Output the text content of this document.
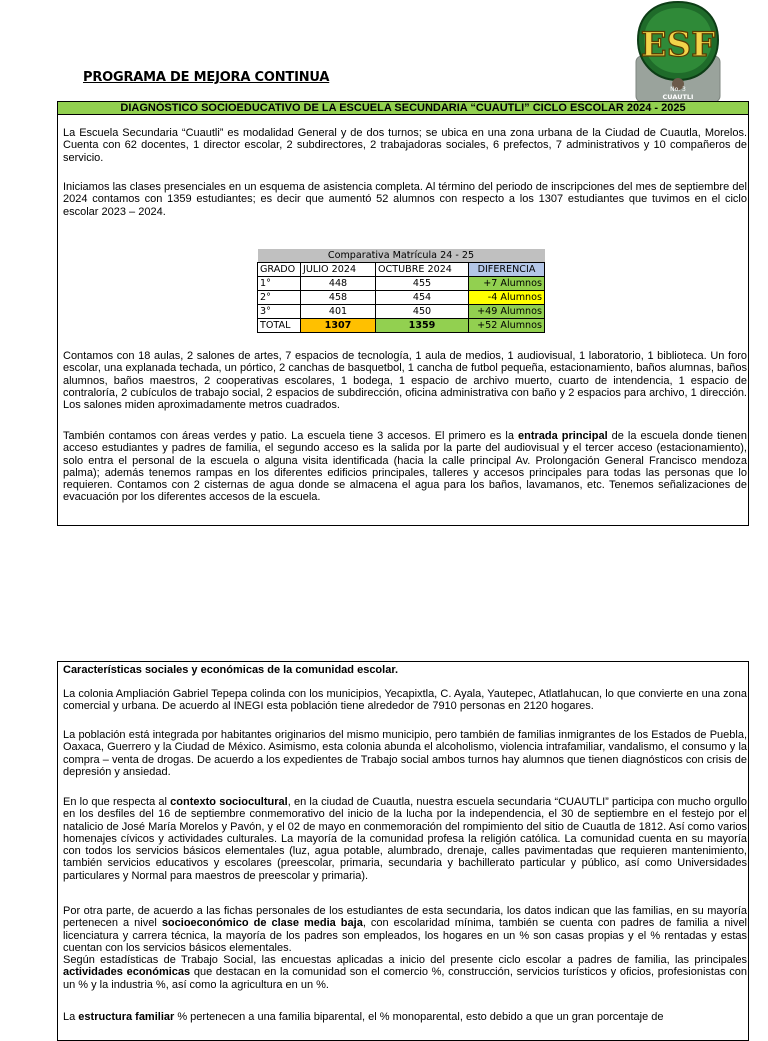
ESF
No. 3
CUAUTLI
PROGRAMA DE MEJORA CONTINUA
DIAGNÓSTICO SOCIOEDUCATIVO DE LA ESCUELA SECUNDARIA “CUAUTLI” CICLO ESCOLAR 2024 - 2025

La Escuela Secundaria “Cuautli” es modalidad General y de dos turnos; se ubica en una zona urbana de la Ciudad de Cuautla, Morelos. Cuenta con 62 docentes, 1 director escolar, 2 subdirectores, 2 trabajadoras sociales, 6 prefectos, 7 administrativos y 10 compañeros de servicio.

Iniciamos las clases presenciales en un esquema de asistencia completa. Al término del periodo de inscripciones del mes de septiembre del 2024 contamos con 1359 estudiantes; es decir que aumentó 52 alumnos con respecto a los 1307 estudiantes que tuvimos en el ciclo escolar 2023 – 2024.

Comparativa Matrícula 24 - 25			
GRADO	JULIO 2024	OCTUBRE 2024	DIFERENCIA
1°	448	455	+7 Alumnos
2°	458	454	-4 Alumnos
3°	401	450	+49 Alumnos
TOTAL	1307	1359	+52 Alumnos

Contamos con 18 aulas, 2 salones de artes, 7 espacios de tecnología, 1 aula de medios, 1 audiovisual, 1 laboratorio, 1 biblioteca. Un foro escolar, una explanada techada, un pórtico, 2 canchas de basquetbol, 1 cancha de futbol pequeña, estacionamiento, baños alumnas, baños alumnos, baños maestros, 2 cooperativas escolares, 1 bodega, 1 espacio de archivo muerto, cuarto de intendencia, 1 espacio de contraloría, 2 cubículos de trabajo social, 2 espacios de subdirección, oficina administrativa con baño y 2 espacios para archivo, 1 dirección. Los salones miden aproximadamente metros cuadrados.

También contamos con áreas verdes y patio. La escuela tiene 3 accesos. El primero es la entrada principal de la escuela donde tienen acceso estudiantes y padres de familia, el segundo acceso es la salida por la parte del audiovisual y el tercer acceso (estacionamiento), solo entra el personal de la escuela o alguna visita identificada (hacia la calle principal Av. Prolongación General Francisco mendoza palma); además tenemos rampas en los diferentes edificios principales, talleres y accesos principales para todas las personas que lo requieren. Contamos con 2 cisternas de agua donde se almacena el agua para los baños, lavamanos, etc. Tenemos señalizaciones de evacuación por los diferentes accesos de la escuela.

Características sociales y económicas de la comunidad escolar.

La colonia Ampliación Gabriel Tepepa colinda con los municipios, Yecapixtla, C. Ayala, Yautepec, Atlatlahucan, lo que convierte en una zona comercial y urbana. De acuerdo al INEGI esta población tiene alrededor de 7910 personas en 2120 hogares.

La población está integrada por habitantes originarios del mismo municipio, pero también de familias inmigrantes de los Estados de Puebla, Oaxaca, Guerrero y la Ciudad de México. Asimismo, esta colonia abunda el alcoholismo, violencia intrafamiliar, vandalismo, el consumo y la compra – venta de drogas. De acuerdo a los expedientes de Trabajo social ambos turnos hay alumnos que tienen diagnósticos con crisis de depresión y ansiedad.

En lo que respecta al contexto sociocultural, en la ciudad de Cuautla, nuestra escuela secundaria “CUAUTLI” participa con mucho orgullo en los desfiles del 16 de septiembre conmemorativo del inicio de la lucha por la independencia, el 30 de septiembre en el festejo por el natalicio de José María Morelos y Pavón, y el 02 de mayo en conmemoración del rompimiento del sitio de Cuautla de 1812. Así como varios homenajes cívicos y actividades culturales. La mayoría de la comunidad profesa la religión católica. La comunidad cuenta en su mayoría con todos los servicios básicos elementales (luz, agua potable, alumbrado, drenaje, calles pavimentadas que requieren mantenimiento, también servicios educativos y escolares (preescolar, primaria, secundaria y bachillerato particular y público, así como Universidades particulares y Normal para maestros de preescolar y primaria).

Por otra parte, de acuerdo a las fichas personales de los estudiantes de esta secundaria, los datos indican que las familias, en su mayoría pertenecen a nivel socioeconómico de clase media baja, con escolaridad mínima, también se cuenta con padres de familia a nivel licenciatura y carrera técnica, la mayoría de los padres son empleados, los hogares en un % son casas propias y el % rentadas y estas cuentan con los servicios básicos elementales.

Según estadísticas de Trabajo Social, las encuestas aplicadas a inicio del presente ciclo escolar a padres de familia, las principales actividades económicas que destacan en la comunidad son el comercio %, construcción, servicios turísticos y oficios, profesionistas con un % y la industria %, así como la agricultura en un %.

La estructura familiar % pertenecen a una familia biparental, el % monoparental, esto debido a que un gran porcentaje de
